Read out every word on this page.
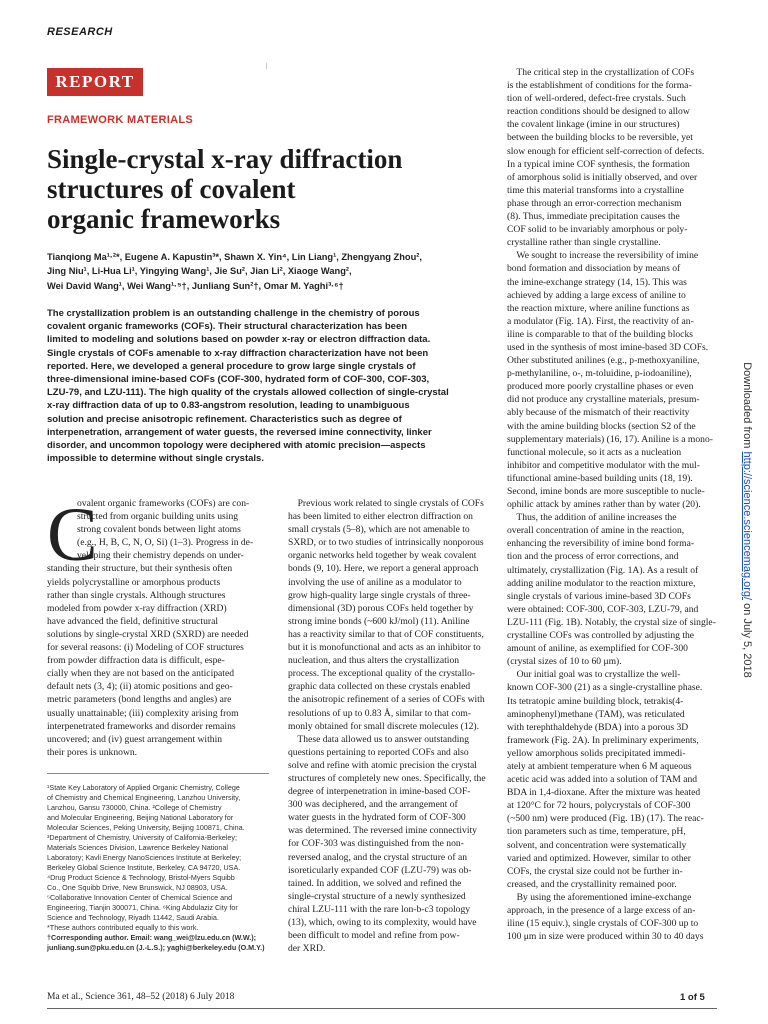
RESEARCH
REPORT
FRAMEWORK MATERIALS
Single-crystal x-ray diffraction
structures of covalent
organic frameworks
Tianqiong Ma¹·²*, Eugene A. Kapustin³*, Shawn X. Yin⁴, Lin Liang¹, Zhengyang Zhou²,
Jing Niu¹, Li-Hua Li¹, Yingying Wang¹, Jie Su², Jian Li², Xiaoge Wang²,
Wei David Wang¹, Wei Wang¹·⁵†, Junliang Sun²†, Omar M. Yaghi³·⁶†
The crystallization problem is an outstanding challenge in the chemistry of porous
covalent organic frameworks (COFs). Their structural characterization has been
limited to modeling and solutions based on powder x-ray or electron diffraction data.
Single crystals of COFs amenable to x-ray diffraction characterization have not been
reported. Here, we developed a general procedure to grow large single crystals of
three-dimensional imine-based COFs (COF-300, hydrated form of COF-300, COF-303,
LZU-79, and LZU-111). The high quality of the crystals allowed collection of single-crystal
x-ray diffraction data of up to 0.83-angstrom resolution, leading to unambiguous
solution and precise anisotropic refinement. Characteristics such as degree of
interpenetration, arrangement of water guests, the reversed imine connectivity, linker
disorder, and uncommon topology were deciphered with atomic precision—aspects
impossible to determine without single crystals.
C
ovalent organic frameworks (COFs) are con-
structed from organic building units using
strong covalent bonds between light atoms
(e.g., H, B, C, N, O, Si) (1–3). Progress in de-
veloping their chemistry depends on under-
standing their structure, but their synthesis often
yields polycrystalline or amorphous products
rather than single crystals. Although structures
modeled from powder x-ray diffraction (XRD)
have advanced the field, definitive structural
solutions by single-crystal XRD (SXRD) are needed
for several reasons: (i) Modeling of COF structures
from powder diffraction data is difficult, espe-
cially when they are not based on the anticipated
default nets (3, 4); (ii) atomic positions and geo-
metric parameters (bond lengths and angles) are
usually unattainable; (iii) complexity arising from
interpenetrated frameworks and disorder remains
uncovered; and (iv) guest arrangement within
their pores is unknown.
¹State Key Laboratory of Applied Organic Chemistry, College
of Chemistry and Chemical Engineering, Lanzhou University,
Lanzhou, Gansu 730000, China. ²College of Chemistry
and Molecular Engineering, Beijing National Laboratory for
Molecular Sciences, Peking University, Beijing 100871, China.
³Department of Chemistry, University of California-Berkeley;
Materials Sciences Division, Lawrence Berkeley National
Laboratory; Kavli Energy NanoSciences Institute at Berkeley;
Berkeley Global Science Institute, Berkeley, CA 94720, USA.
⁴Drug Product Science & Technology, Bristol-Myers Squibb
Co., One Squibb Drive, New Brunswick, NJ 08903, USA.
⁵Collaborative Innovation Center of Chemical Science and
Engineering, Tianjin 300071, China. ⁶King Abdulaziz City for
Science and Technology, Riyadh 11442, Saudi Arabia.
*These authors contributed equally to this work.
†Corresponding author. Email: wang_wei@lzu.edu.cn (W.W.);
junliang.sun@pku.edu.cn (J.-L.S.); yaghi@berkeley.edu (O.M.Y.)
Previous work related to single crystals of COFs
has been limited to either electron diffraction on
small crystals (5–8), which are not amenable to
SXRD, or to two studies of intrinsically nonporous
organic networks held together by weak covalent
bonds (9, 10). Here, we report a general approach
involving the use of aniline as a modulator to
grow high-quality large single crystals of three-
dimensional (3D) porous COFs held together by
strong imine bonds (~600 kJ/mol) (11). Aniline
has a reactivity similar to that of COF constituents,
but it is monofunctional and acts as an inhibitor to
nucleation, and thus alters the crystallization
process. The exceptional quality of the crystallo-
graphic data collected on these crystals enabled
the anisotropic refinement of a series of COFs with
resolutions of up to 0.83 Å, similar to that com-
monly obtained for small discrete molecules (12).
These data allowed us to answer outstanding
questions pertaining to reported COFs and also
solve and refine with atomic precision the crystal
structures of completely new ones. Specifically, the
degree of interpenetration in imine-based COF-
300 was deciphered, and the arrangement of
water guests in the hydrated form of COF-300
was determined. The reversed imine connectivity
for COF-303 was distinguished from the non-
reversed analog, and the crystal structure of an
isoreticularly expanded COF (LZU-79) was ob-
tained. In addition, we solved and refined the
single-crystal structure of a newly synthesized
chiral LZU-111 with the rare lon-b-c3 topology
(13), which, owing to its complexity, would have
been difficult to model and refine from pow-
der XRD.
The critical step in the crystallization of COFs
is the establishment of conditions for the forma-
tion of well-ordered, defect-free crystals. Such
reaction conditions should be designed to allow
the covalent linkage (imine in our structures)
between the building blocks to be reversible, yet
slow enough for efficient self-correction of defects.
In a typical imine COF synthesis, the formation
of amorphous solid is initially observed, and over
time this material transforms into a crystalline
phase through an error-correction mechanism
(8). Thus, immediate precipitation causes the
COF solid to be invariably amorphous or poly-
crystalline rather than single crystalline.
We sought to increase the reversibility of imine
bond formation and dissociation by means of
the imine-exchange strategy (14, 15). This was
achieved by adding a large excess of aniline to
the reaction mixture, where aniline functions as
a modulator (Fig. 1A). First, the reactivity of an-
iline is comparable to that of the building blocks
used in the synthesis of most imine-based 3D COFs.
Other substituted anilines (e.g., p-methoxyaniline,
p-methylaniline, o-, m-toluidine, p-iodoaniline),
produced more poorly crystalline phases or even
did not produce any crystalline materials, presum-
ably because of the mismatch of their reactivity
with the amine building blocks (section S2 of the
supplementary materials) (16, 17). Aniline is a mono-
functional molecule, so it acts as a nucleation
inhibitor and competitive modulator with the mul-
tifunctional amine-based building units (18, 19).
Second, imine bonds are more susceptible to nucle-
ophilic attack by amines rather than by water (20).
Thus, the addition of aniline increases the
overall concentration of amine in the reaction,
enhancing the reversibility of imine bond forma-
tion and the process of error corrections, and
ultimately, crystallization (Fig. 1A). As a result of
adding aniline modulator to the reaction mixture,
single crystals of various imine-based 3D COFs
were obtained: COF-300, COF-303, LZU-79, and
LZU-111 (Fig. 1B). Notably, the crystal size of single-
crystalline COFs was controlled by adjusting the
amount of aniline, as exemplified for COF-300
(crystal sizes of 10 to 60 μm).
Our initial goal was to crystallize the well-
known COF-300 (21) as a single-crystalline phase.
Its tetratopic amine building block, tetrakis(4-
aminophenyl)methane (TAM), was reticulated
with terephthaldehyde (BDA) into a porous 3D
framework (Fig. 2A). In preliminary experiments,
yellow amorphous solids precipitated immedi-
ately at ambient temperature when 6 M aqueous
acetic acid was added into a solution of TAM and
BDA in 1,4-dioxane. After the mixture was heated
at 120°C for 72 hours, polycrystals of COF-300
(~500 nm) were produced (Fig. 1B) (17). The reac-
tion parameters such as time, temperature, pH,
solvent, and concentration were systematically
varied and optimized. However, similar to other
COFs, the crystal size could not be further in-
creased, and the crystallinity remained poor.
By using the aforementioned imine-exchange
approach, in the presence of a large excess of an-
iline (15 equiv.), single crystals of COF-300 up to
100 μm in size were produced within 30 to 40 days
Downloaded from http://science.sciencemag.org/ on July 5, 2018
Ma et al., Science 361, 48–52 (2018) 6 July 2018	1 of 5
